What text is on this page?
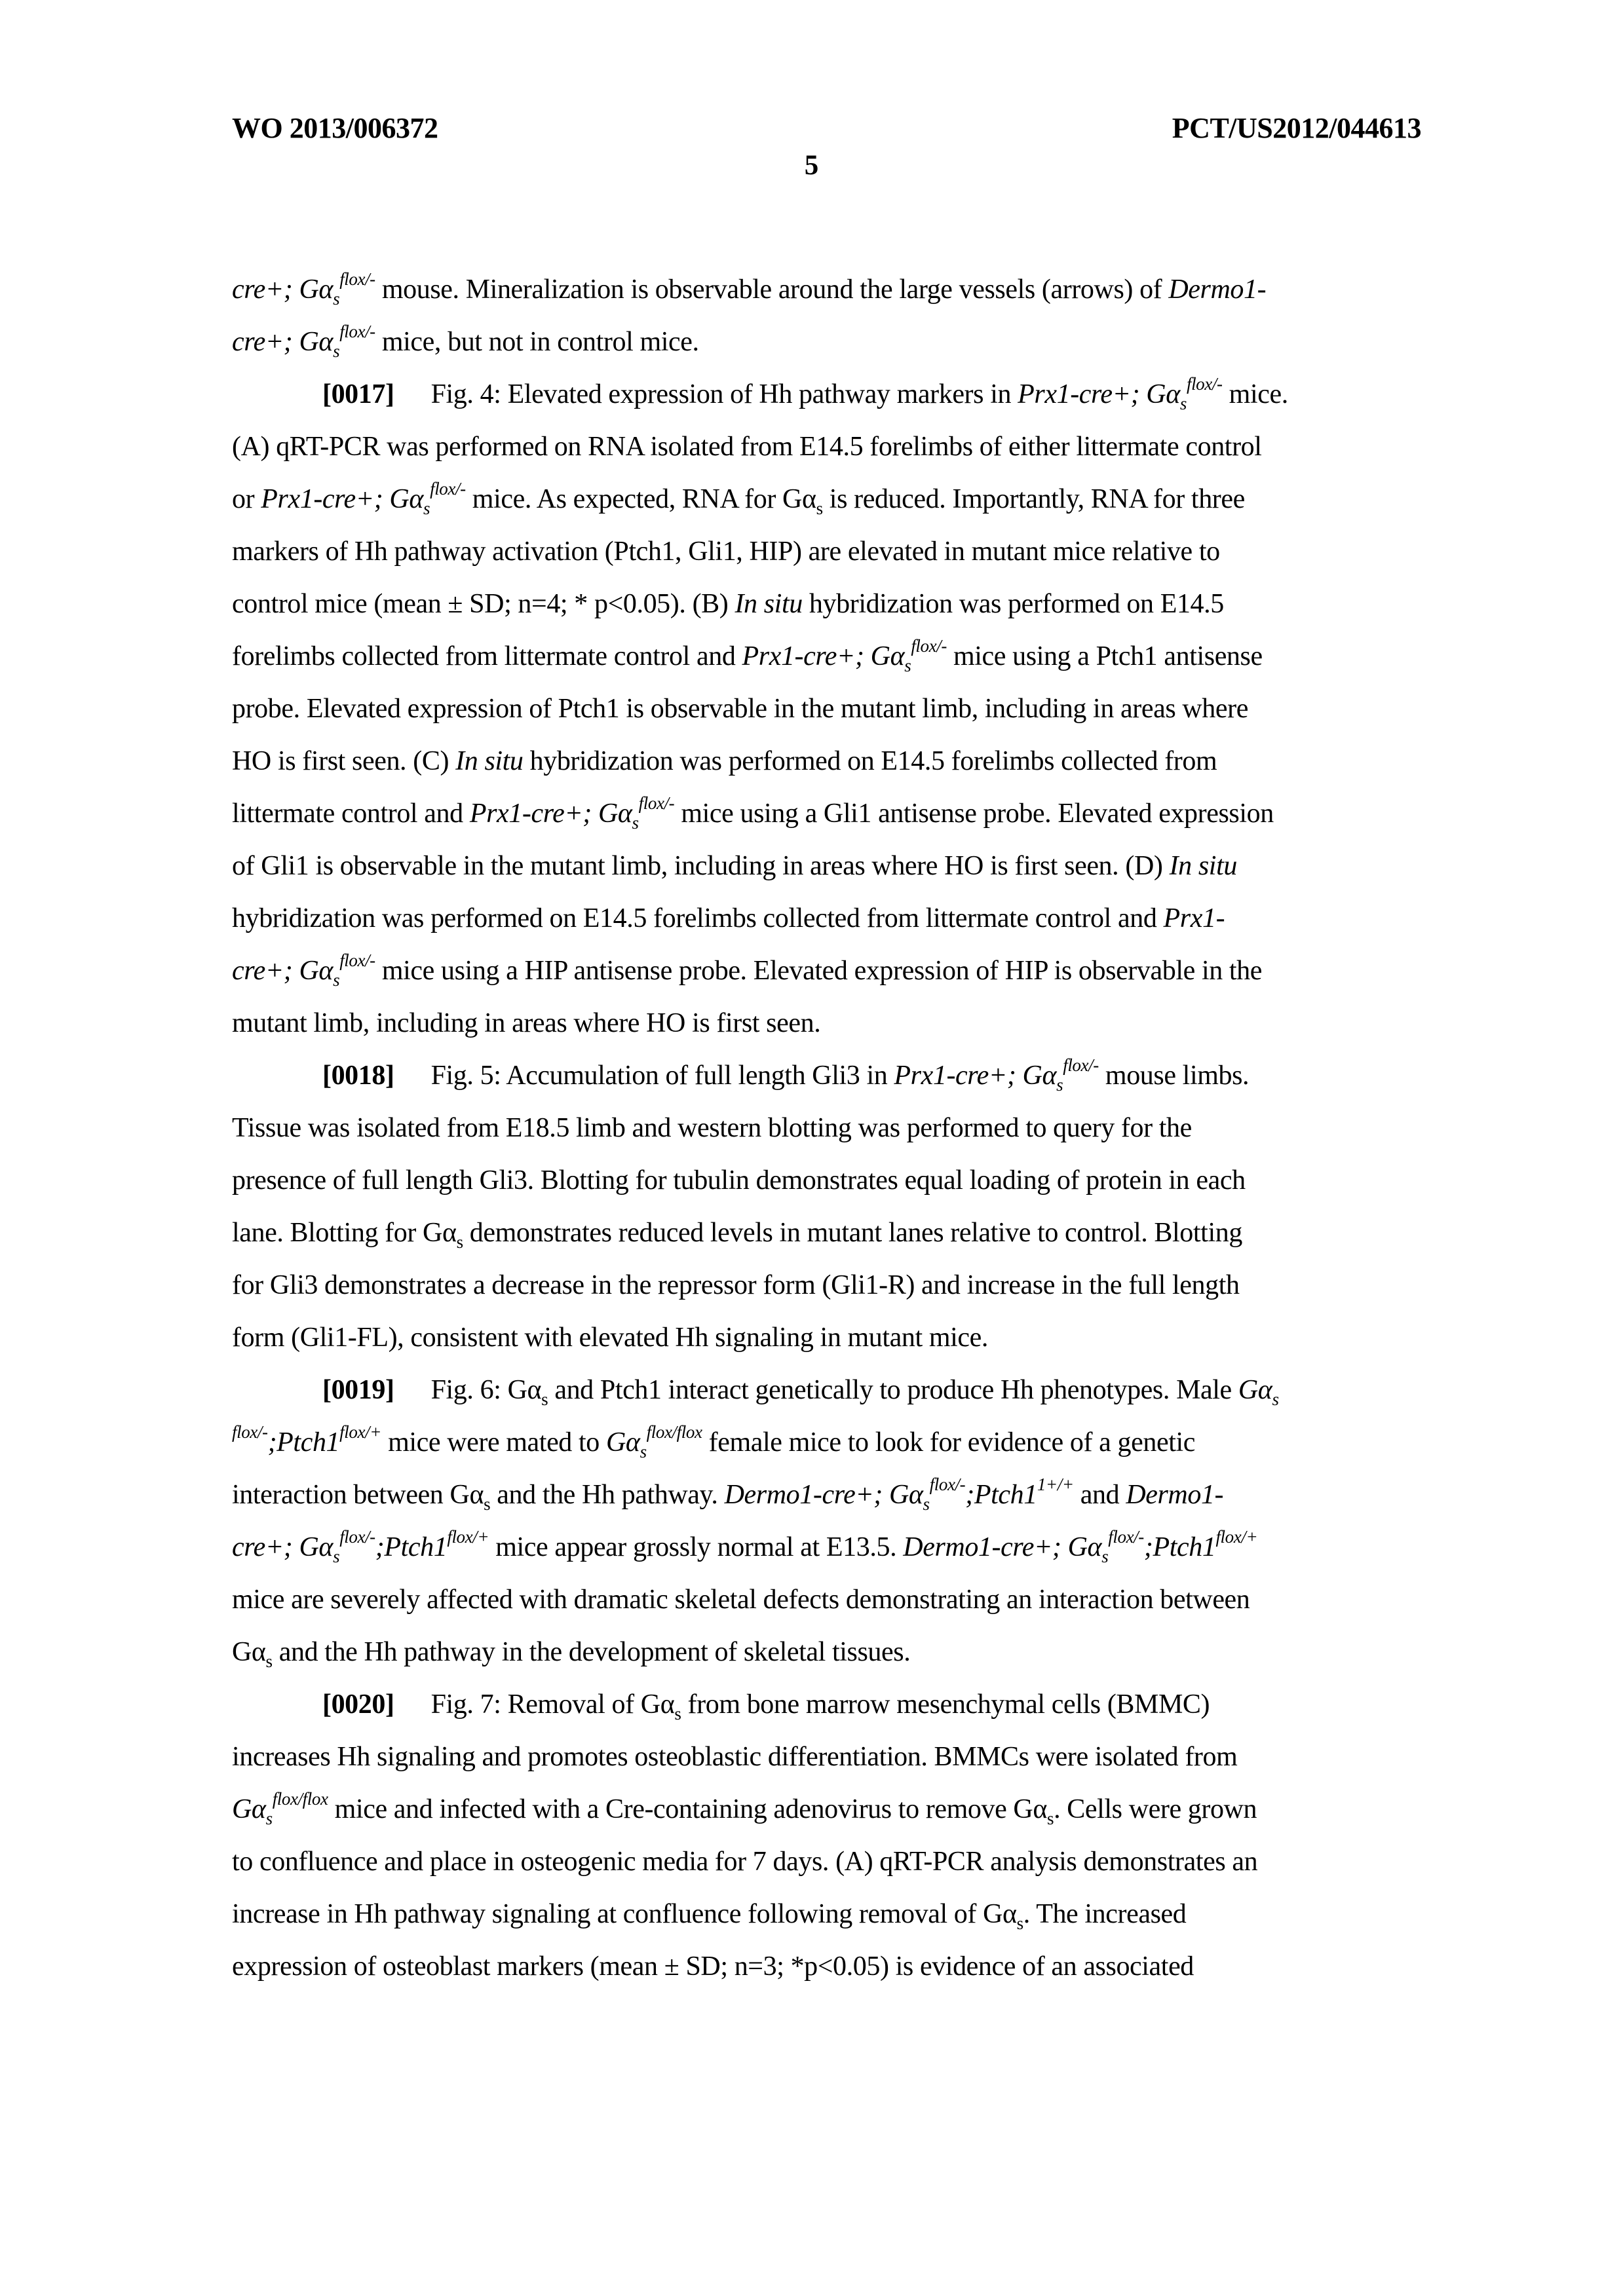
WO 2013/006372	PCT/US2012/044613
5
cre+; $G\alpha_s^{flox/-}$ mouse. Mineralization is observable around the large vessels (arrows) of Dermo1-
cre+; $G\alpha_s^{flox/-}$ mice, but not in control mice.
[0017] Fig. 4: Elevated expression of Hh pathway markers in Prx1-cre+; $G\alpha_s^{flox/-}$ mice.
(A) qRT-PCR was performed on RNA isolated from E14.5 forelimbs of either littermate control
or Prx1-cre+; $G\alpha_s^{flox/-}$ mice. As expected, RNA for $G\alpha_s$ is reduced. Importantly, RNA for three
markers of Hh pathway activation (Ptch1, Gli1, HIP) are elevated in mutant mice relative to
control mice (mean ± SD; n=4; * p<0.05). (B) In situ hybridization was performed on E14.5
forelimbs collected from littermate control and Prx1-cre+; $G\alpha_s^{flox/-}$ mice using a Ptch1 antisense
probe. Elevated expression of Ptch1 is observable in the mutant limb, including in areas where
HO is first seen. (C) In situ hybridization was performed on E14.5 forelimbs collected from
littermate control and Prx1-cre+; $G\alpha_s^{flox/-}$ mice using a Gli1 antisense probe. Elevated expression
of Gli1 is observable in the mutant limb, including in areas where HO is first seen. (D) In situ
hybridization was performed on E14.5 forelimbs collected from littermate control and Prx1-
cre+; $G\alpha_s^{flox/-}$ mice using a HIP antisense probe. Elevated expression of HIP is observable in the
mutant limb, including in areas where HO is first seen.
[0018] Fig. 5: Accumulation of full length Gli3 in Prx1-cre+; $G\alpha_s^{flox/-}$ mouse limbs.
Tissue was isolated from E18.5 limb and western blotting was performed to query for the
presence of full length Gli3. Blotting for tubulin demonstrates equal loading of protein in each
lane. Blotting for $G\alpha_s$ demonstrates reduced levels in mutant lanes relative to control. Blotting
for Gli3 demonstrates a decrease in the repressor form (Gli1-R) and increase in the full length
form (Gli1-FL), consistent with elevated Hh signaling in mutant mice.
[0019] Fig. 6: $G\alpha_s$ and Ptch1 interact genetically to produce Hh phenotypes. Male $G\alpha_s$
$^{flox/-};Ptch1^{flox/+}$ mice were mated to $G\alpha_s^{flox/flox}$ female mice to look for evidence of a genetic
interaction between $G\alpha_s$ and the Hh pathway. Dermo1-cre+; $G\alpha_s^{flox/-};Ptch1^{1+/+}$ and Dermo1-
cre+; $G\alpha_s^{flox/-};Ptch1^{flox/+}$ mice appear grossly normal at E13.5. Dermo1-cre+; $G\alpha_s^{flox/-};Ptch1^{flox/+}$
mice are severely affected with dramatic skeletal defects demonstrating an interaction between
$G\alpha_s$ and the Hh pathway in the development of skeletal tissues.
[0020] Fig. 7: Removal of $G\alpha_s$ from bone marrow mesenchymal cells (BMMC)
increases Hh signaling and promotes osteoblastic differentiation. BMMCs were isolated from
$G\alpha_s^{flox/flox}$ mice and infected with a Cre-containing adenovirus to remove $G\alpha_s$. Cells were grown
to confluence and place in osteogenic media for 7 days. (A) qRT-PCR analysis demonstrates an
increase in Hh pathway signaling at confluence following removal of $G\alpha_s$. The increased
expression of osteoblast markers (mean ± SD; n=3; *p<0.05) is evidence of an associated
